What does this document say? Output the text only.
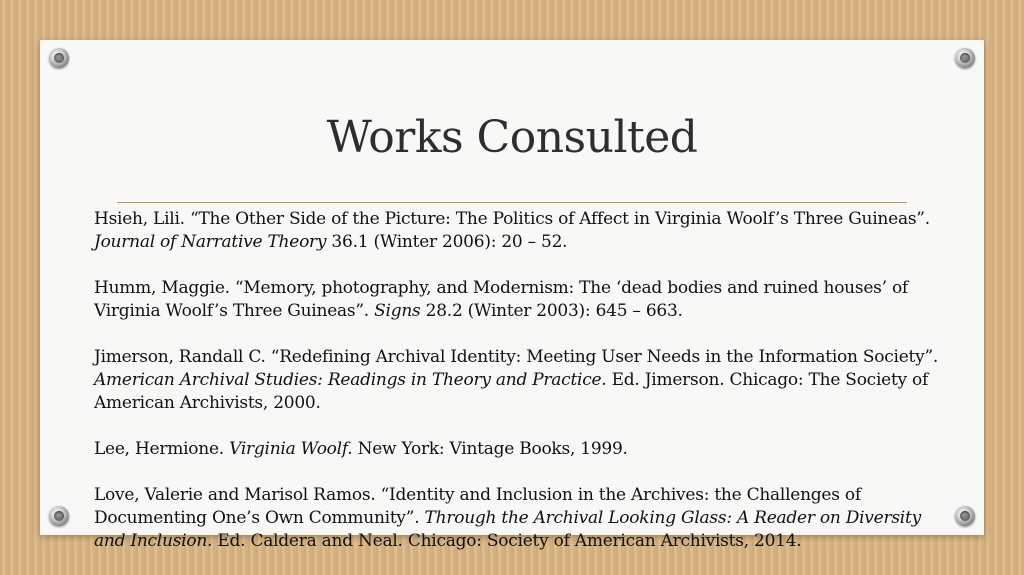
Works Consulted

Hsieh, Lili. “The Other Side of the Picture: The Politics of Affect in Virginia Woolf’s Three Guineas”. Journal of Narrative Theory 36.1 (Winter 2006): 20 – 52.

Humm, Maggie. “Memory, photography, and Modernism: The ‘dead bodies and ruined houses’ of Virginia Woolf’s Three Guineas”. Signs 28.2 (Winter 2003): 645 – 663.

Jimerson, Randall C. “Redefining Archival Identity: Meeting User Needs in the Information Society”. American Archival Studies: Readings in Theory and Practice. Ed. Jimerson. Chicago: The Society of American Archivists, 2000.

Lee, Hermione. Virginia Woolf. New York: Vintage Books, 1999.

Love, Valerie and Marisol Ramos. “Identity and Inclusion in the Archives: the Challenges of Documenting One’s Own Community”. Through the Archival Looking Glass: A Reader on Diversity and Inclusion. Ed. Caldera and Neal. Chicago: Society of American Archivists, 2014.
